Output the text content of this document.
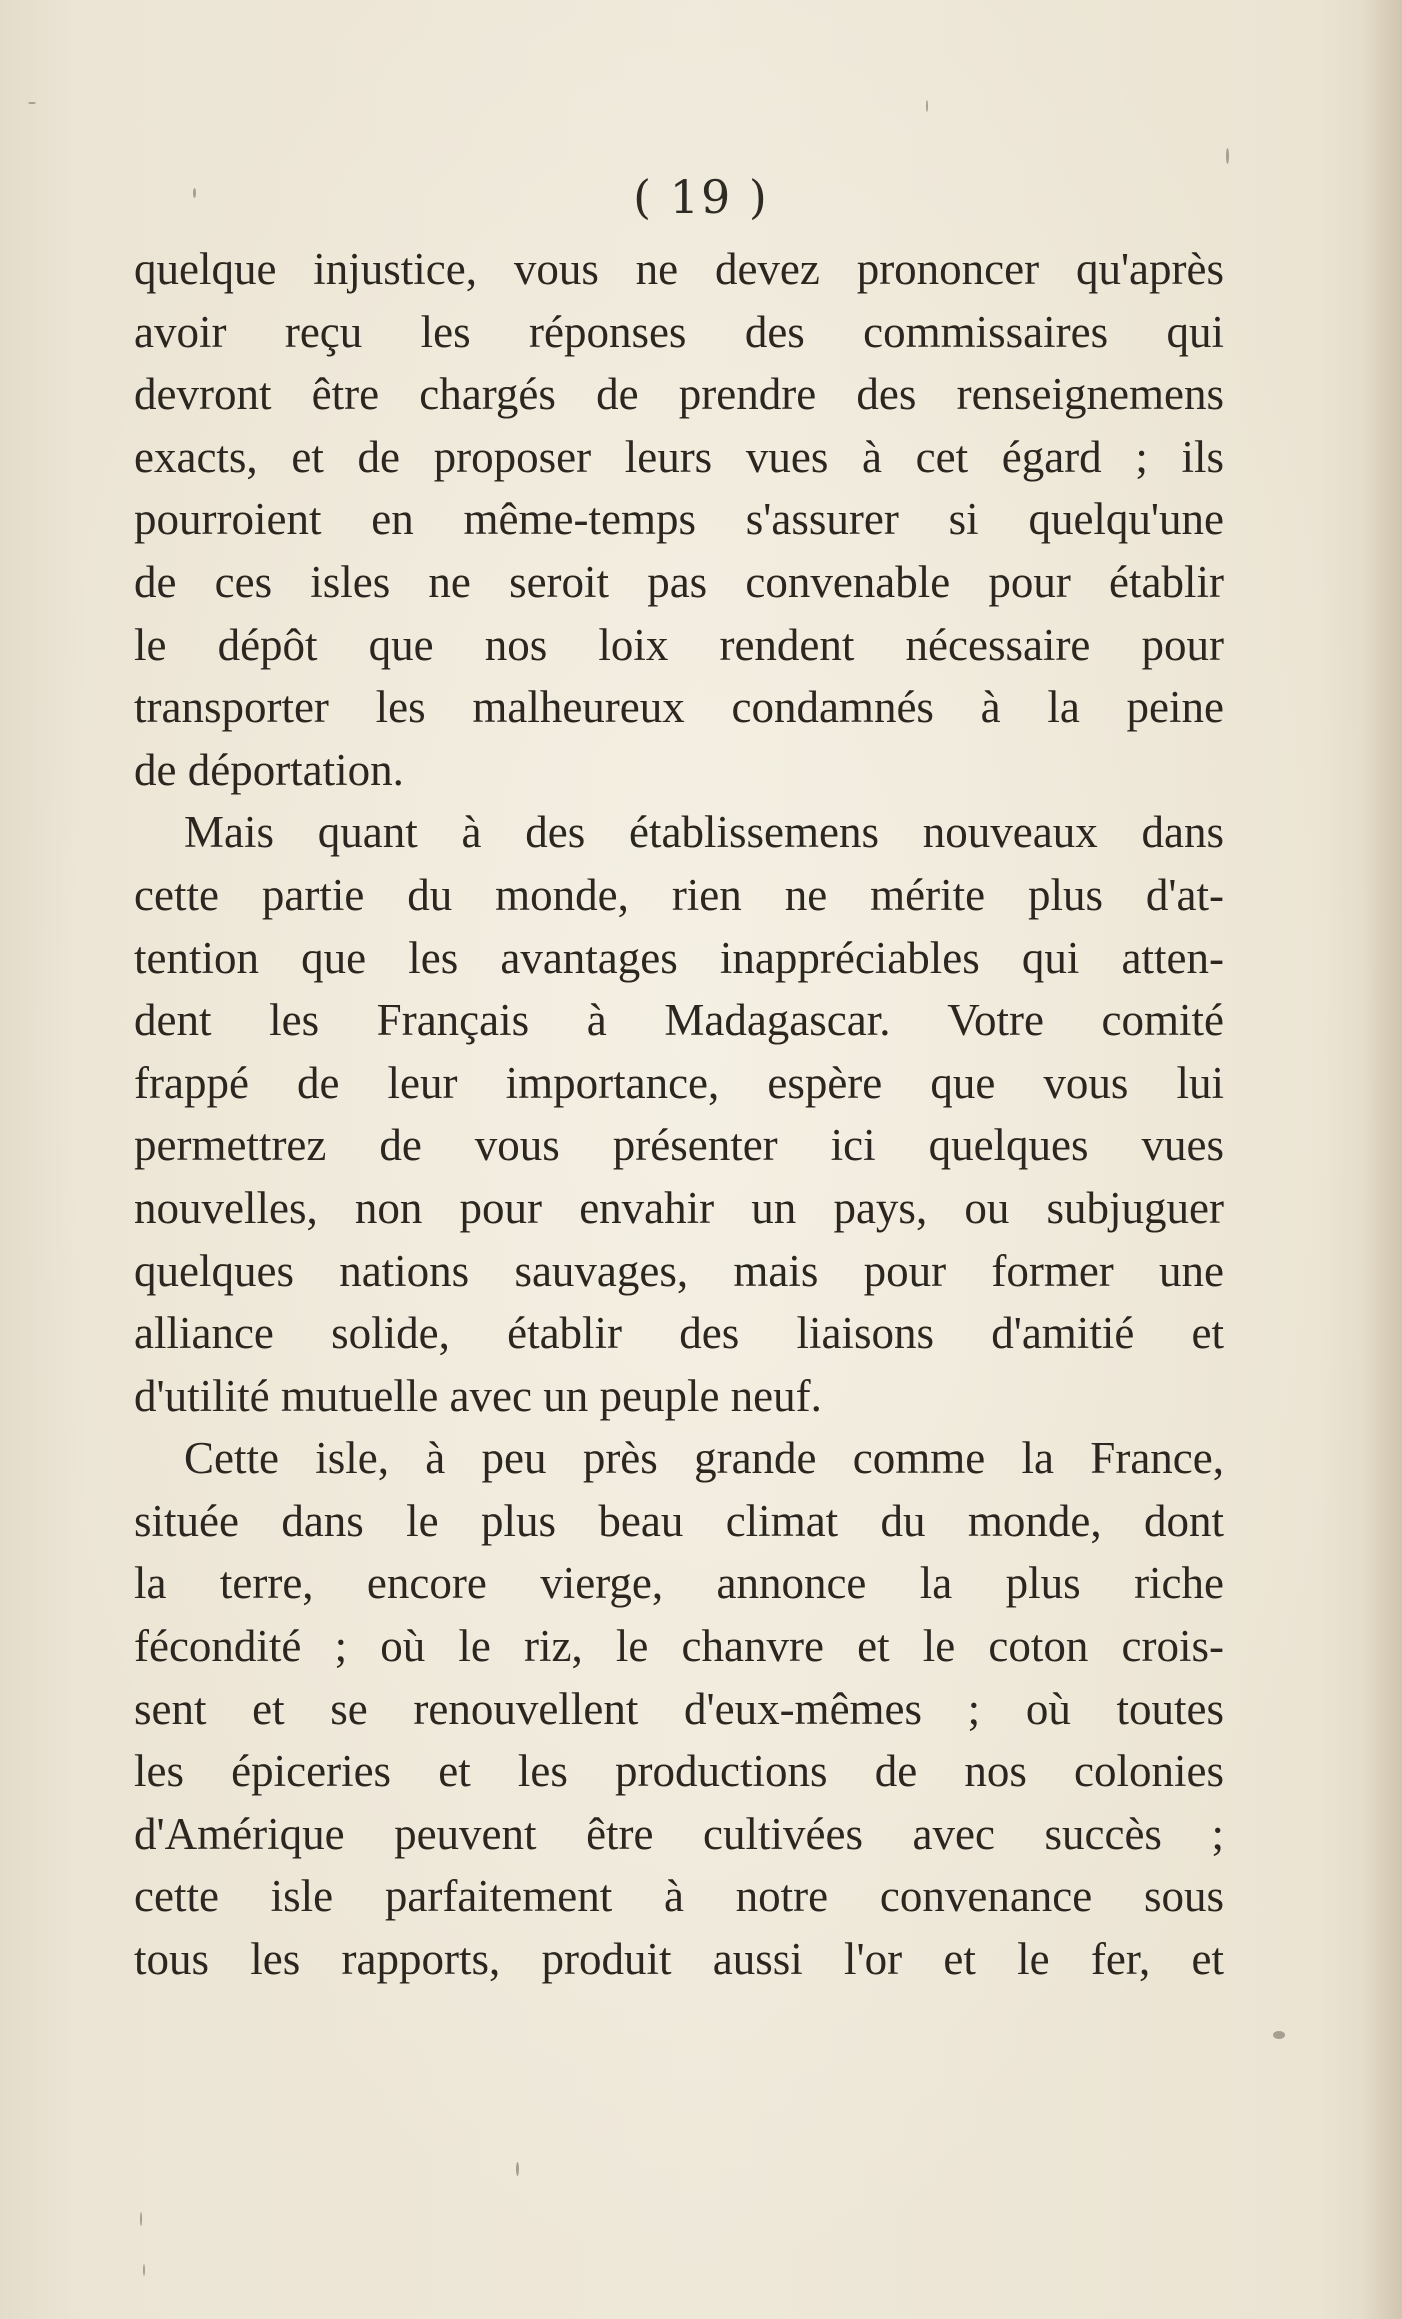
( 19 )
quelque injustice, vous ne devez prononcer qu'après
avoir reçu les réponses des commissaires qui
devront être chargés de prendre des renseignemens
exacts, et de proposer leurs vues à cet égard ; ils
pourroient en même-temps s'assurer si quelqu'une
de ces isles ne seroit pas convenable pour établir
le dépôt que nos loix rendent nécessaire pour
transporter les malheureux condamnés à la peine
de déportation.
Mais quant à des établissemens nouveaux dans
cette partie du monde, rien ne mérite plus d'at-
tention que les avantages inappréciables qui atten-
dent les Français à Madagascar. Votre comité
frappé de leur importance, espère que vous lui
permettrez de vous présenter ici quelques vues
nouvelles, non pour envahir un pays, ou subjuguer
quelques nations sauvages, mais pour former une
alliance solide, établir des liaisons d'amitié et
d'utilité mutuelle avec un peuple neuf.
Cette isle, à peu près grande comme la France,
située dans le plus beau climat du monde, dont
la terre, encore vierge, annonce la plus riche
fécondité ; où le riz, le chanvre et le coton crois-
sent et se renouvellent d'eux-mêmes ; où toutes
les épiceries et les productions de nos colonies
d'Amérique peuvent être cultivées avec succès ;
cette isle parfaitement à notre convenance sous
tous les rapports, produit aussi l'or et le fer, et
